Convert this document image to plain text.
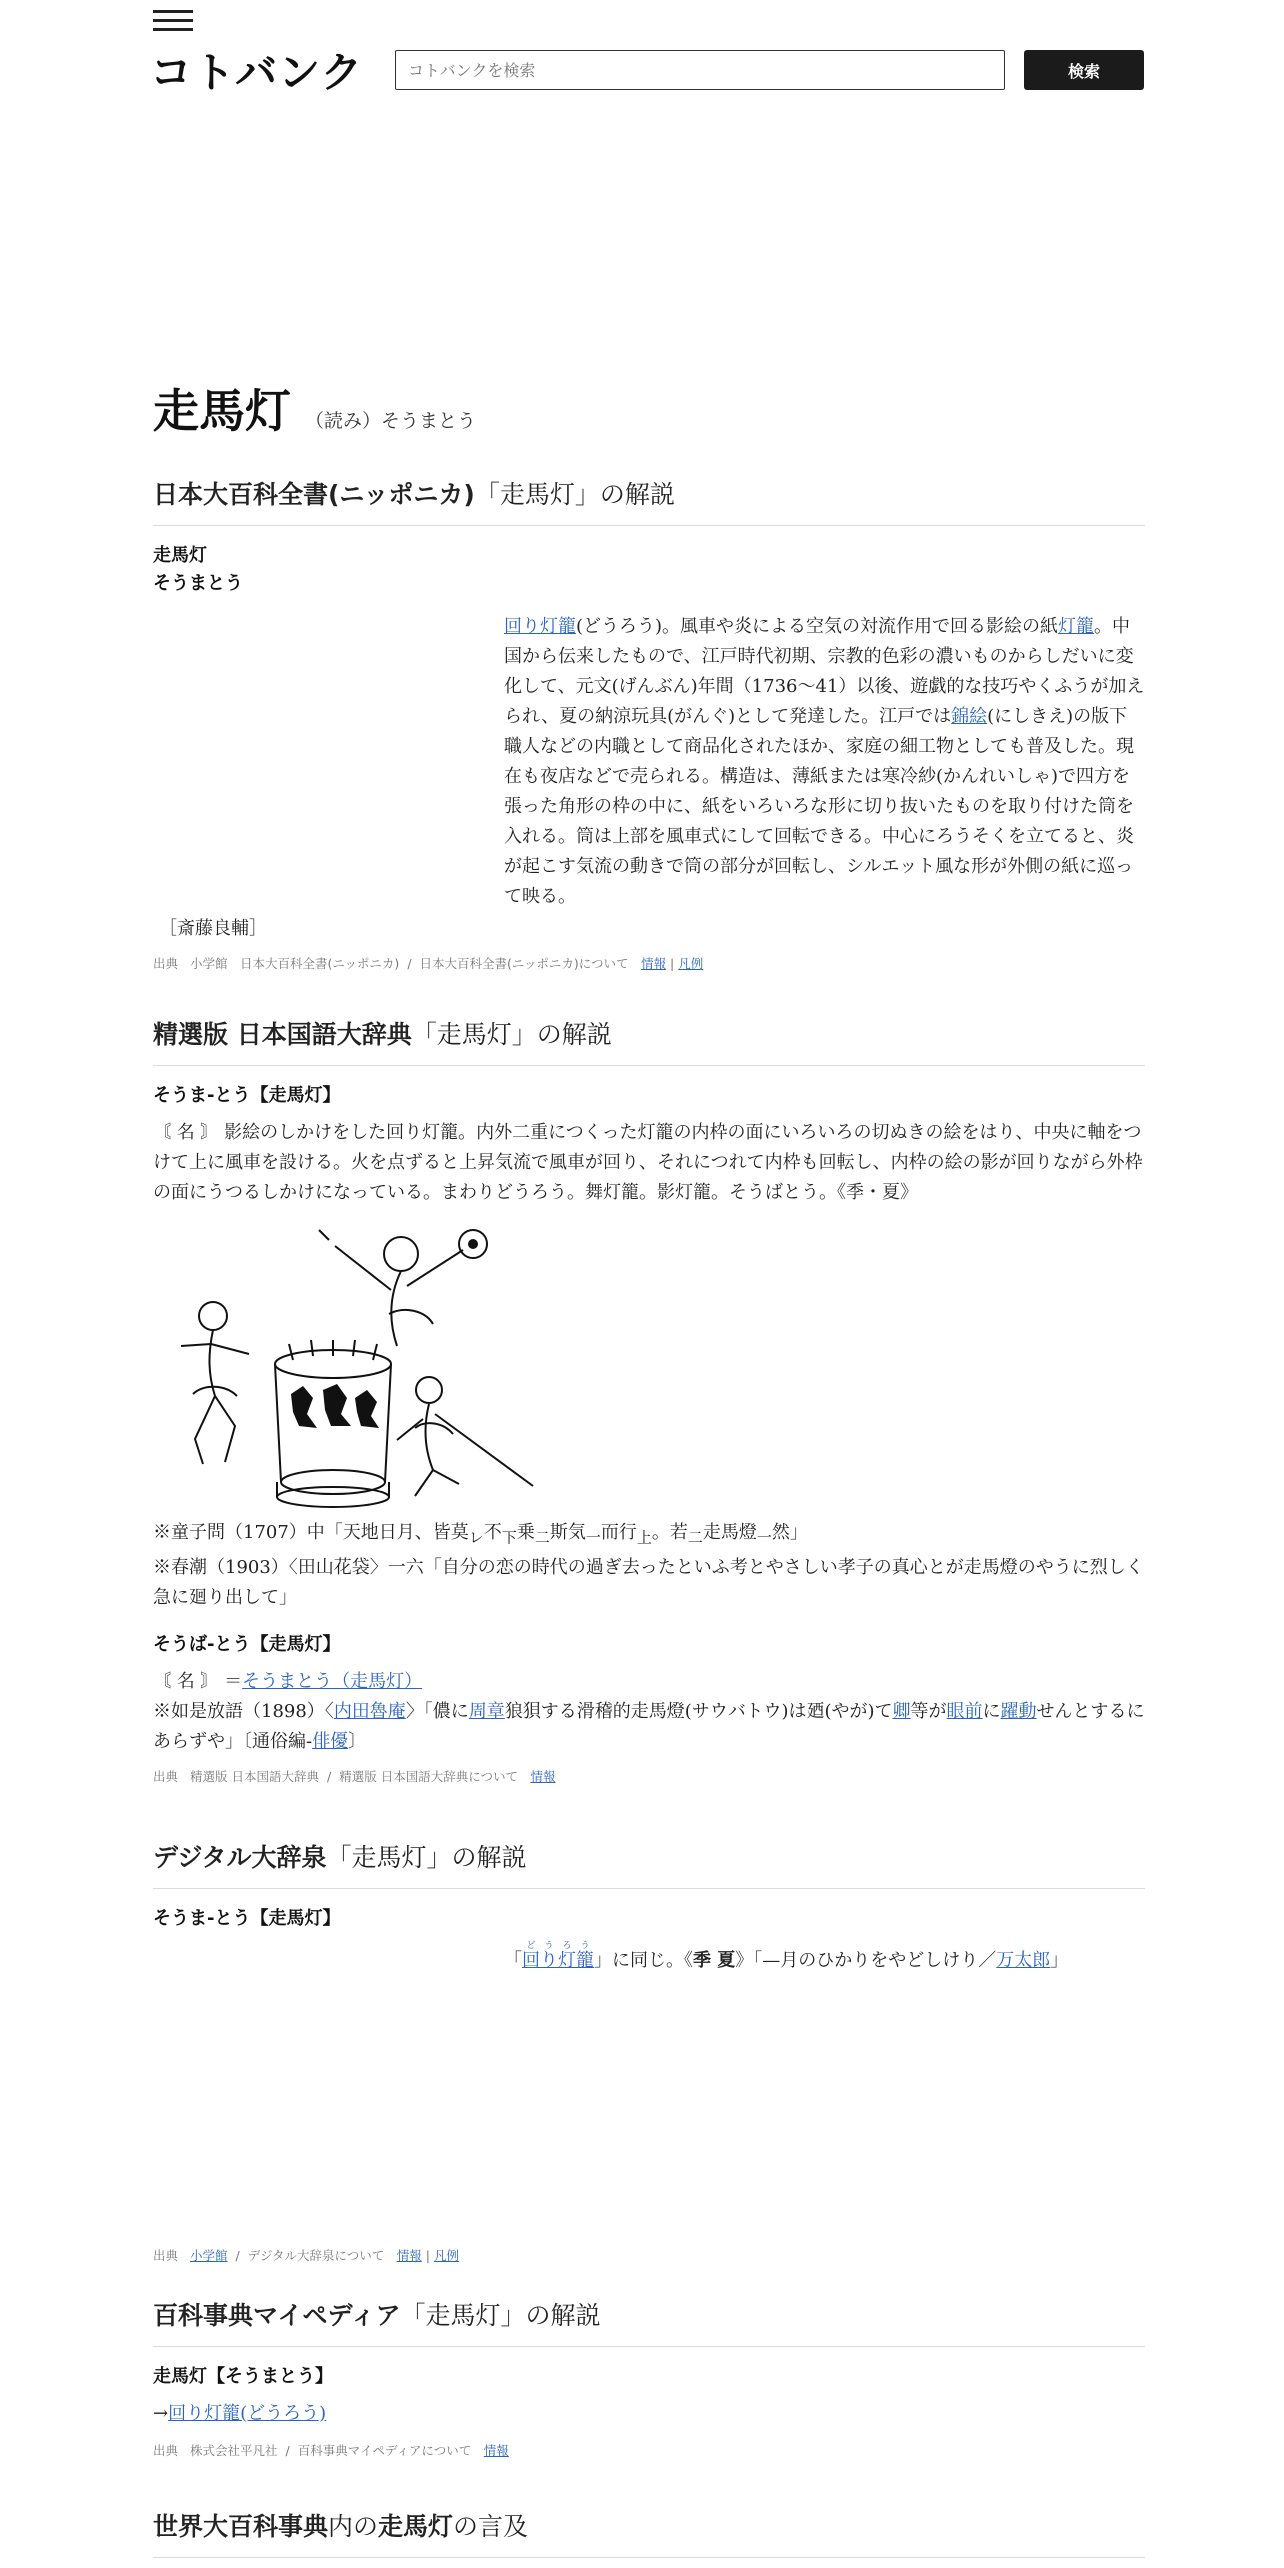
コトバンク
コトバンクを検索	検索
走馬灯 （読み）そうまとう
日本大百科全書(ニッポニカ)「走馬灯」の解説
走馬灯
そうまとう
回り灯籠(どうろう)。風車や炎による空気の対流作用で回る影絵の紙灯籠。中国から伝来したもので、江戸時代初期、宗教的色彩の濃いものからしだいに変化して、元文(げんぶん)年間（1736～41）以後、遊戯的な技巧やくふうが加えられ、夏の納涼玩具(がんぐ)として発達した。江戸では錦絵(にしきえ)の版下職人などの内職として商品化されたほか、家庭の細工物としても普及した。現在も夜店などで売られる。構造は、薄紙または寒冷紗(かんれいしゃ)で四方を張った角形の枠の中に、紙をいろいろな形に切り抜いたものを取り付けた筒を入れる。筒は上部を風車式にして回転できる。中心にろうそくを立てると、炎が起こす気流の動きで筒の部分が回転し、シルエット風な形が外側の紙に巡って映る。
［斎藤良輔］
出典 小学館　 日本大百科全書(ニッポニカ) / 日本大百科全書(ニッポニカ)について　 情報 | 凡例
精選版 日本国語大辞典「走馬灯」の解説
そうま‐とう【走馬灯】
〘 名 〙 影絵のしかけをした回り灯籠。内外二重につくった灯籠の内枠の面にいろいろの切ぬきの絵をはり、中央に軸をつけて上に風車を設ける。火を点ずると上昇気流で風車が回り、それにつれて内枠も回転し、内枠の絵の影が回りながら外枠の面にうつるしかけになっている。まわりどうろう。舞灯籠。影灯籠。そうばとう。《季・夏》
※童子問（1707）中「天地日月、皆莫$_レ$不$_下$乗$_二$斯気$_一$而行$_上$。若$_二$走馬燈$_一$然」
※春潮（1903）〈田山花袋〉一六「自分の恋の時代の過ぎ去ったといふ考とやさしい孝子の真心とが走馬燈のやうに烈しく急に廻り出して」
そうば‐とう【走馬灯】
〘 名 〙 ＝そうまとう（走馬灯）
※如是放語（1898）〈内田魯庵〉「儂に周章狼狽する滑稽的走馬燈(サウバトウ)は廼(やが)て卿等が眼前に躍動せんとするにあらずや」〔通俗編‐俳優〕
出典 精選版 日本国語大辞典 / 精選版 日本国語大辞典について　 情報
デジタル大辞泉「走馬灯」の解説
そうま‐とう【走馬灯】
「回り灯籠どうろう」に同じ。《季 夏》「—月のひかりをやどしけり／万太郎」
出典 小学館 / デジタル大辞泉について　 情報 | 凡例
百科事典マイペディア「走馬灯」の解説
走馬灯【そうまとう】
→回り灯籠(どうろう)
出典 株式会社平凡社 / 百科事典マイペディアについて　 情報
世界大百科事典内の走馬灯の言及
